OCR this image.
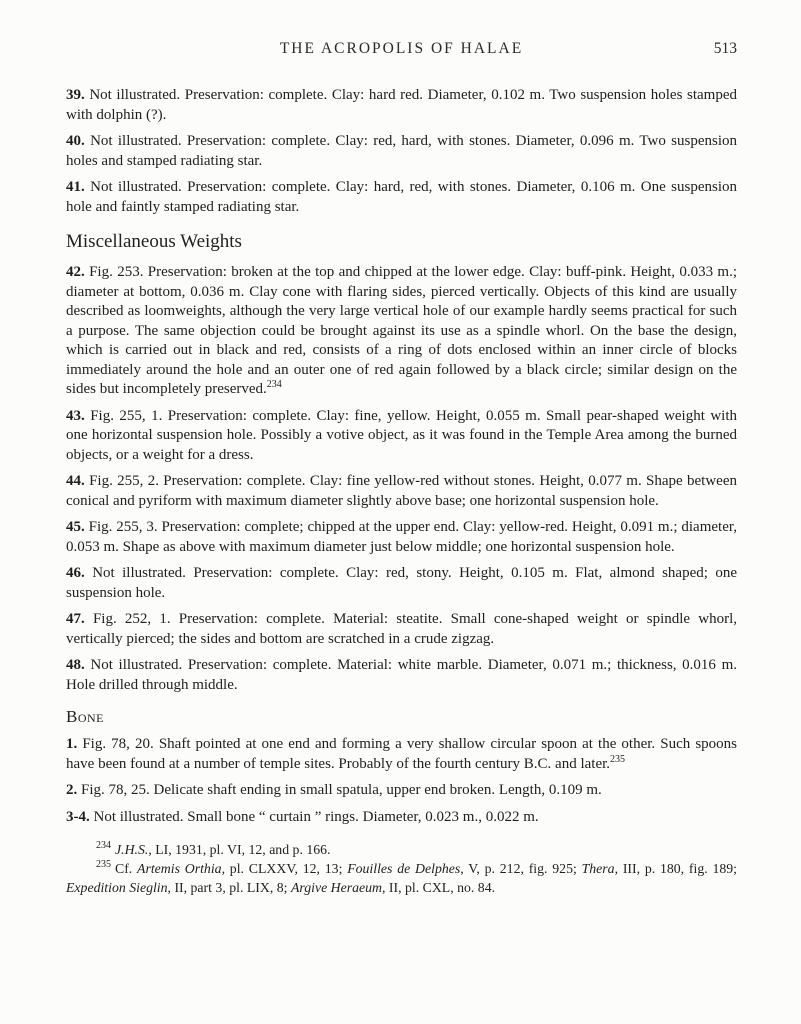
THE ACROPOLIS OF HALAE	513

39. Not illustrated. Preservation: complete. Clay: hard red. Diameter, 0.102 m. Two suspension holes stamped with dolphin (?).

40. Not illustrated. Preservation: complete. Clay: red, hard, with stones. Diameter, 0.096 m. Two suspension holes and stamped radiating star.

41. Not illustrated. Preservation: complete. Clay: hard, red, with stones. Diameter, 0.106 m. One suspension hole and faintly stamped radiating star.

Miscellaneous Weights

42. Fig. 253. Preservation: broken at the top and chipped at the lower edge. Clay: buff-pink. Height, 0.033 m.; diameter at bottom, 0.036 m. Clay cone with flaring sides, pierced vertically. Objects of this kind are usually described as loomweights, although the very large vertical hole of our example hardly seems practical for such a purpose. The same objection could be brought against its use as a spindle whorl. On the base the design, which is carried out in black and red, consists of a ring of dots enclosed within an inner circle of blocks immediately around the hole and an outer one of red again followed by a black circle; similar design on the sides but incompletely preserved.$^{234}$

43. Fig. 255, 1. Preservation: complete. Clay: fine, yellow. Height, 0.055 m. Small pear-shaped weight with one horizontal suspension hole. Possibly a votive object, as it was found in the Temple Area among the burned objects, or a weight for a dress.

44. Fig. 255, 2. Preservation: complete. Clay: fine yellow-red without stones. Height, 0.077 m. Shape between conical and pyriform with maximum diameter slightly above base; one horizontal suspension hole.

45. Fig. 255, 3. Preservation: complete; chipped at the upper end. Clay: yellow-red. Height, 0.091 m.; diameter, 0.053 m. Shape as above with maximum diameter just below middle; one horizontal suspension hole.

46. Not illustrated. Preservation: complete. Clay: red, stony. Height, 0.105 m. Flat, almond shaped; one suspension hole.

47. Fig. 252, 1. Preservation: complete. Material: steatite. Small cone-shaped weight or spindle whorl, vertically pierced; the sides and bottom are scratched in a crude zigzag.

48. Not illustrated. Preservation: complete. Material: white marble. Diameter, 0.071 m.; thickness, 0.016 m. Hole drilled through middle.

Bone

1. Fig. 78, 20. Shaft pointed at one end and forming a very shallow circular spoon at the other. Such spoons have been found at a number of temple sites. Probably of the fourth century B.C. and later.$^{235}$

2. Fig. 78, 25. Delicate shaft ending in small spatula, upper end broken. Length, 0.109 m.

3-4. Not illustrated. Small bone “ curtain ” rings. Diameter, 0.023 m., 0.022 m.

$^{234}$ J.H.S., LI, 1931, pl. VI, 12, and p. 166.

$^{235}$ Cf. Artemis Orthia, pl. CLXXV, 12, 13; Fouilles de Delphes, V, p. 212, fig. 925; Thera, III, p. 180, fig. 189; Expedition Sieglin, II, part 3, pl. LIX, 8; Argive Heraeum, II, pl. CXL, no. 84.
